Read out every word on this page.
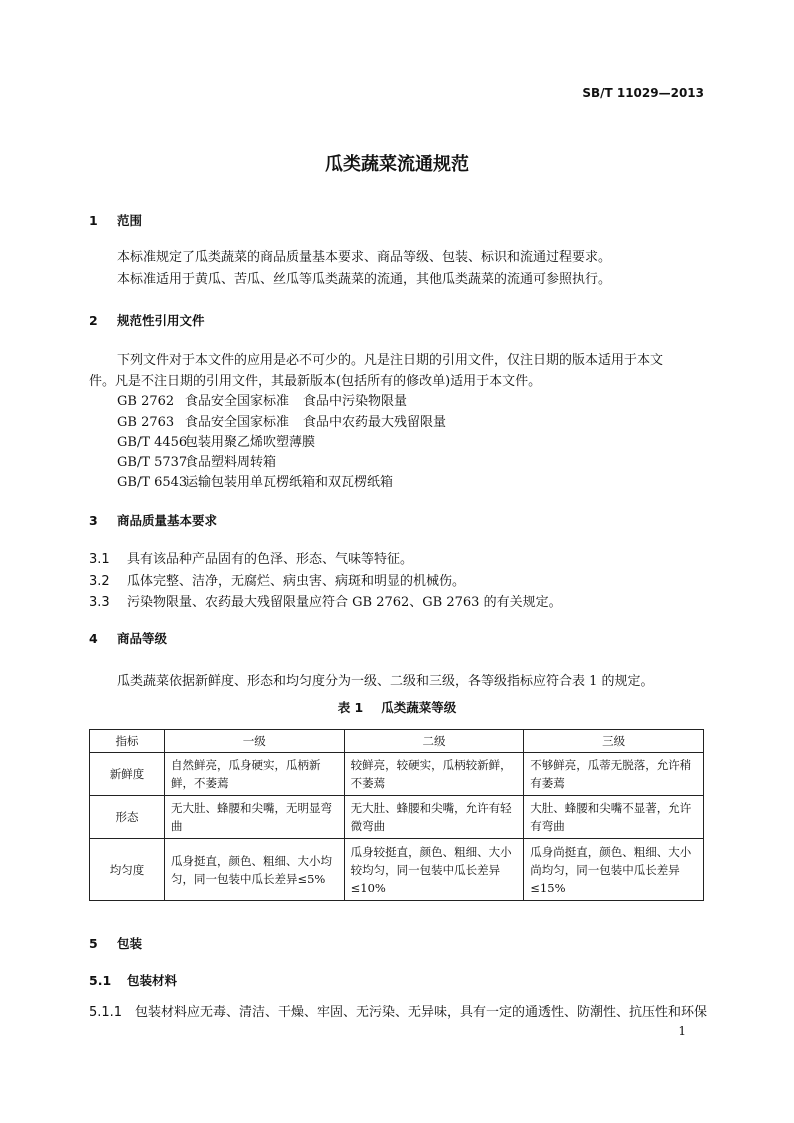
SB/T 11029—2013
瓜类蔬菜流通规范
1 范围
本标准规定了瓜类蔬菜的商品质量基本要求、商品等级、包装、标识和流通过程要求。
本标准适用于黄瓜、苦瓜、丝瓜等瓜类蔬菜的流通，其他瓜类蔬菜的流通可参照执行。
2 规范性引用文件
下列文件对于本文件的应用是必不可少的。凡是注日期的引用文件，仅注日期的版本适用于本文
件。凡是不注日期的引用文件，其最新版本(包括所有的修改单)适用于本文件。
GB 2762 食品安全国家标准 食品中污染物限量
GB 2763 食品安全国家标准 食品中农药最大残留限量
GB/T 4456包装用聚乙烯吹塑薄膜
GB/T 5737食品塑料周转箱
GB/T 6543运输包装用单瓦楞纸箱和双瓦楞纸箱
3 商品质量基本要求
3.1 具有该品种产品固有的色泽、形态、气味等特征。
3.2 瓜体完整、洁净，无腐烂、病虫害、病斑和明显的机械伤。
3.3 污染物限量、农药最大残留限量应符合 GB 2762、GB 2763 的有关规定。
4 商品等级
瓜类蔬菜依据新鲜度、形态和均匀度分为一级、二级和三级，各等级指标应符合表 1 的规定。
表 1 瓜类蔬菜等级
指标	一级	二级	三级
新鲜度	自然鲜亮，瓜身硬实，瓜柄新鲜，不萎蔫	较鲜亮，较硬实，瓜柄较新鲜，不萎蔫	不够鲜亮，瓜蒂无脱落，允许稍有萎蔫
形态	无大肚、蜂腰和尖嘴，无明显弯曲	无大肚、蜂腰和尖嘴，允许有轻微弯曲	大肚、蜂腰和尖嘴不显著，允许有弯曲
均匀度	瓜身挺直，颜色、粗细、大小均匀，同一包装中瓜长差异≤5%	瓜身较挺直，颜色、粗细、大小较均匀，同一包装中瓜长差异≤10%	瓜身尚挺直，颜色、粗细、大小尚均匀，同一包装中瓜长差异≤15%
5 包装
5.1 包装材料
5.1.1 包装材料应无毒、清洁、干燥、牢固、无污染、无异味，具有一定的通透性、防潮性、抗压性和环保
1
